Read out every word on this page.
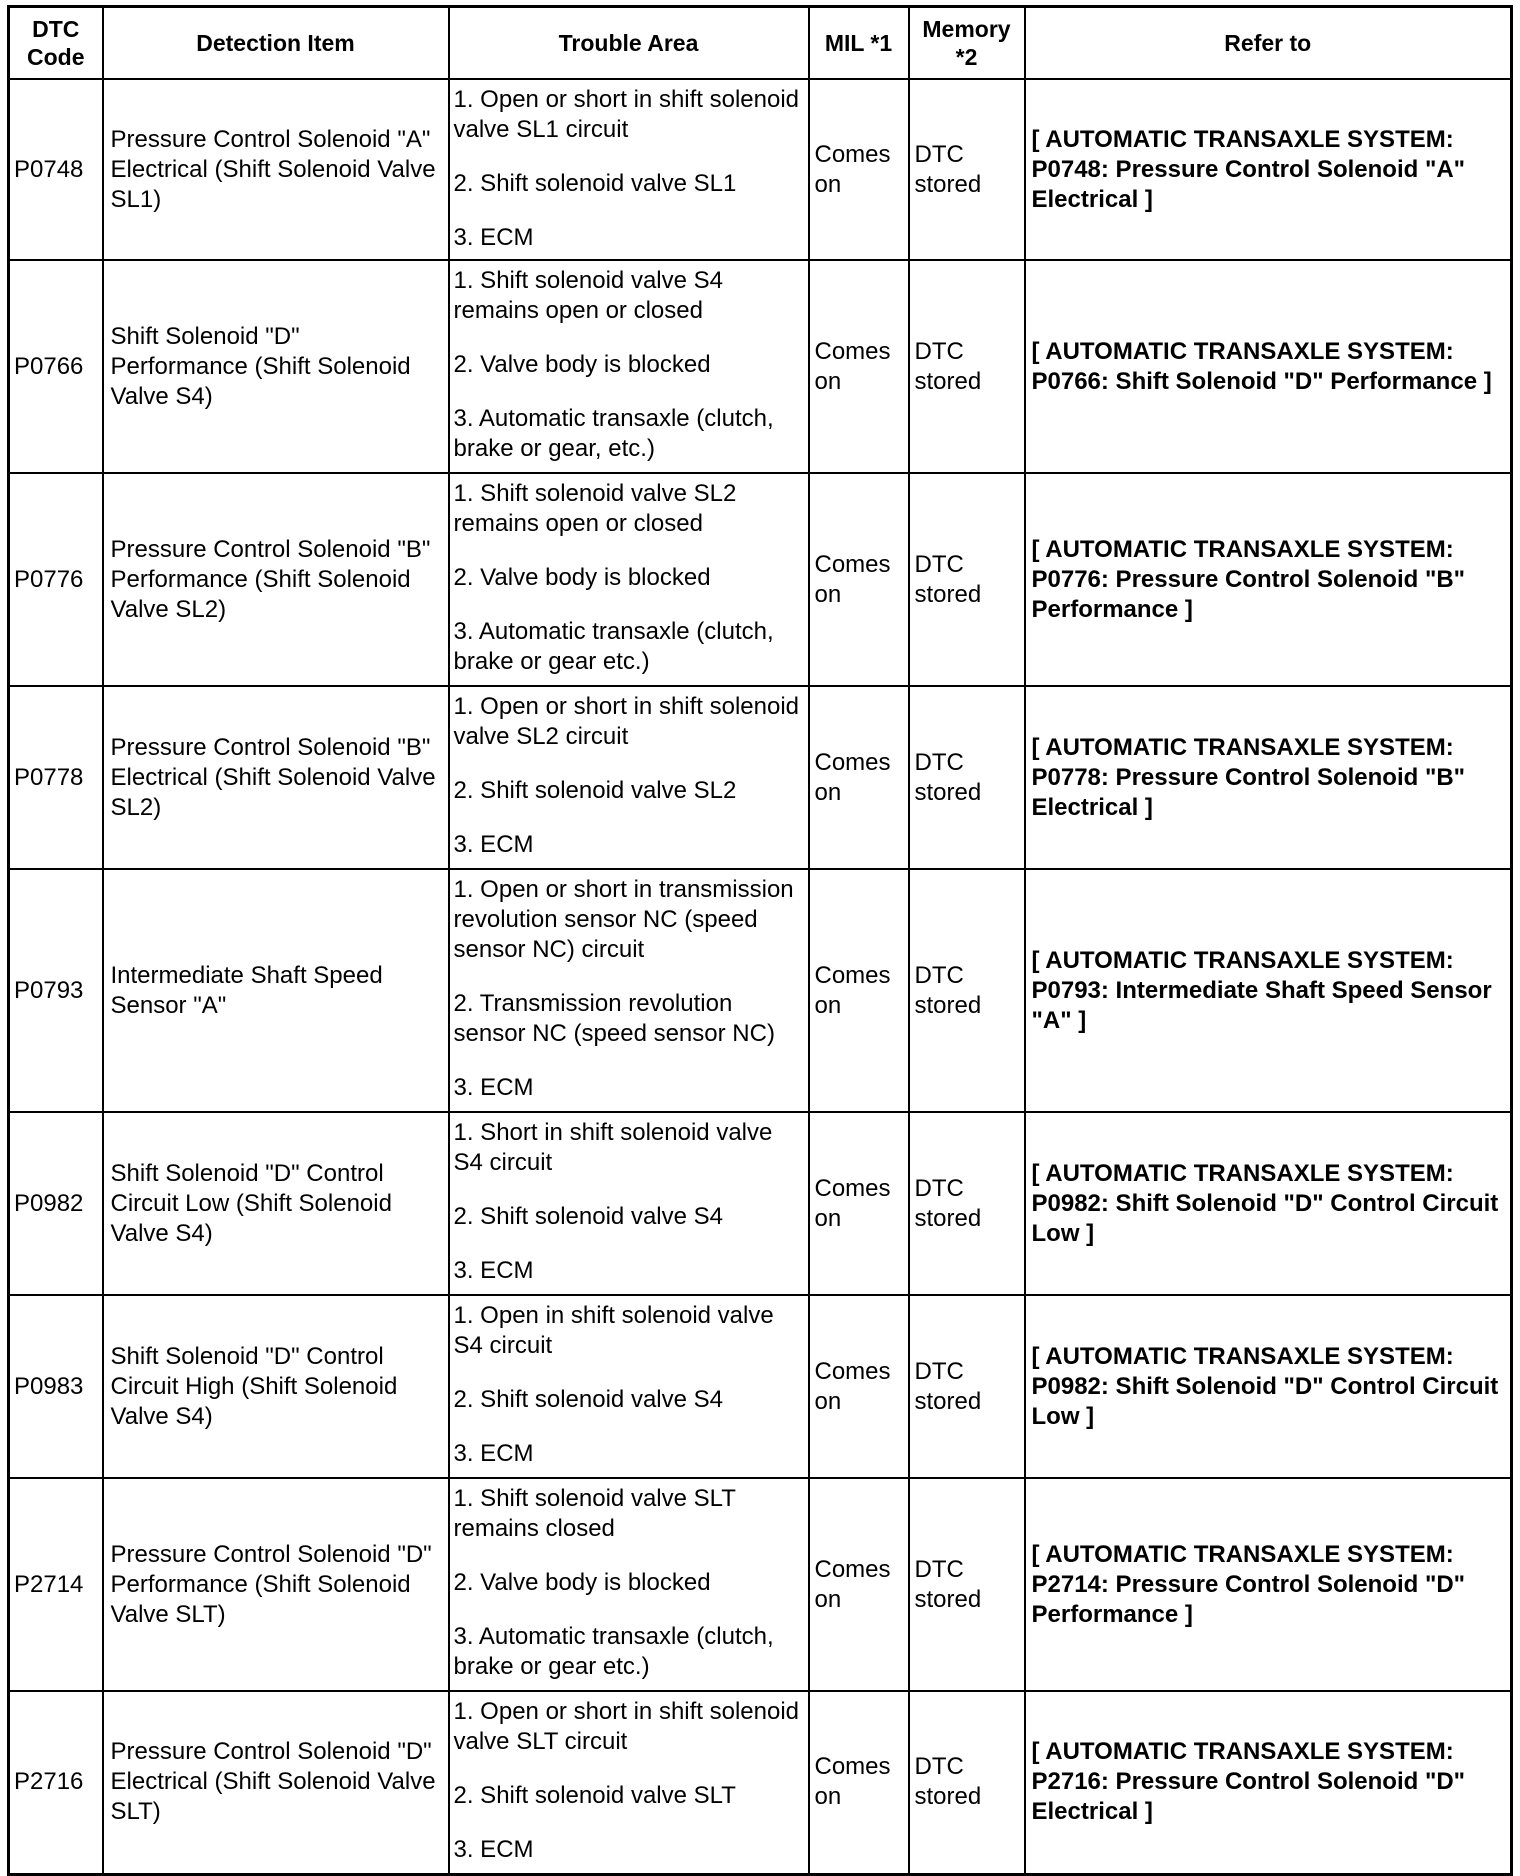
DTC Code	Detection Item	Trouble Area	MIL *1	Memory *2	Refer to
P0748	Pressure Control Solenoid "A" Electrical (Shift Solenoid Valve SL1)	1. Open or short in shift solenoid valve SL1 circuit
2. Shift solenoid valve SL1
3. ECM	Comes on	DTC stored	[ AUTOMATIC TRANSAXLE SYSTEM: P0748: Pressure Control Solenoid "A" Electrical ]

P0766	Shift Solenoid "D" Performance (Shift Solenoid Valve S4)	1. Shift solenoid valve S4 remains open or closed
2. Valve body is blocked
3. Automatic transaxle (clutch, brake or gear, etc.)	Comes on	DTC stored	[ AUTOMATIC TRANSAXLE SYSTEM: P0766: Shift Solenoid "D" Performance ]

P0776	Pressure Control Solenoid "B" Performance (Shift Solenoid Valve SL2)	1. Shift solenoid valve SL2 remains open or closed
2. Valve body is blocked
3. Automatic transaxle (clutch, brake or gear etc.)	Comes on	DTC stored	[ AUTOMATIC TRANSAXLE SYSTEM: P0776: Pressure Control Solenoid "B" Performance ]

P0778	Pressure Control Solenoid "B" Electrical (Shift Solenoid Valve SL2)	1. Open or short in shift solenoid valve SL2 circuit
2. Shift solenoid valve SL2
3. ECM	Comes on	DTC stored	[ AUTOMATIC TRANSAXLE SYSTEM: P0778: Pressure Control Solenoid "B" Electrical ]

P0793	Intermediate Shaft Speed Sensor "A"	1. Open or short in transmission revolution sensor NC (speed sensor NC) circuit
2. Transmission revolution sensor NC (speed sensor NC)
3. ECM	Comes on	DTC stored	[ AUTOMATIC TRANSAXLE SYSTEM: P0793: Intermediate Shaft Speed Sensor "A" ]

P0982	Shift Solenoid "D" Control Circuit Low (Shift Solenoid Valve S4)	1. Short in shift solenoid valve S4 circuit
2. Shift solenoid valve S4
3. ECM	Comes on	DTC stored	[ AUTOMATIC TRANSAXLE SYSTEM: P0982: Shift Solenoid "D" Control Circuit Low ]

P0983	Shift Solenoid "D" Control Circuit High (Shift Solenoid Valve S4)	1. Open in shift solenoid valve S4 circuit
2. Shift solenoid valve S4
3. ECM	Comes on	DTC stored	[ AUTOMATIC TRANSAXLE SYSTEM: P0982: Shift Solenoid "D" Control Circuit Low ]

P2714	Pressure Control Solenoid "D" Performance (Shift Solenoid Valve SLT)	1. Shift solenoid valve SLT remains closed
2. Valve body is blocked
3. Automatic transaxle (clutch, brake or gear etc.)	Comes on	DTC stored	[ AUTOMATIC TRANSAXLE SYSTEM: P2714: Pressure Control Solenoid "D" Performance ]

P2716	Pressure Control Solenoid "D" Electrical (Shift Solenoid Valve SLT)	1. Open or short in shift solenoid valve SLT circuit
2. Shift solenoid valve SLT
3. ECM	Comes on	DTC stored	[ AUTOMATIC TRANSAXLE SYSTEM: P2716: Pressure Control Solenoid "D" Electrical ]
